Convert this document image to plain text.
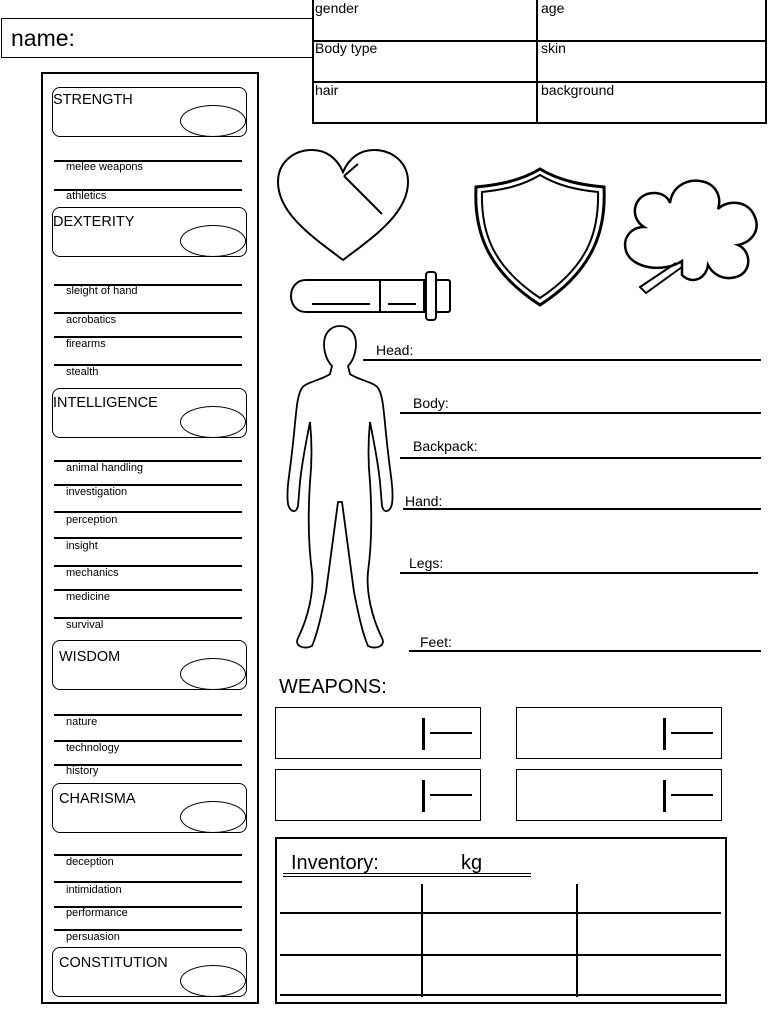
name:
gender	age
Body type	skin
hair	background
STRENGTH
melee weapons
athletics
DEXTERITY
sleight of hand
acrobatics
firearms
stealth
INTELLIGENCE
animal handling
investigation
perception
insight
mechanics
medicine
survival
WISDOM
nature
technology
history
CHARISMA
deception
intimidation
performance
persuasion
CONSTITUTION
Head:
Body:
Backpack:
Hand:
Legs:
Feet:
WEAPONS:
Inventory:	kg
